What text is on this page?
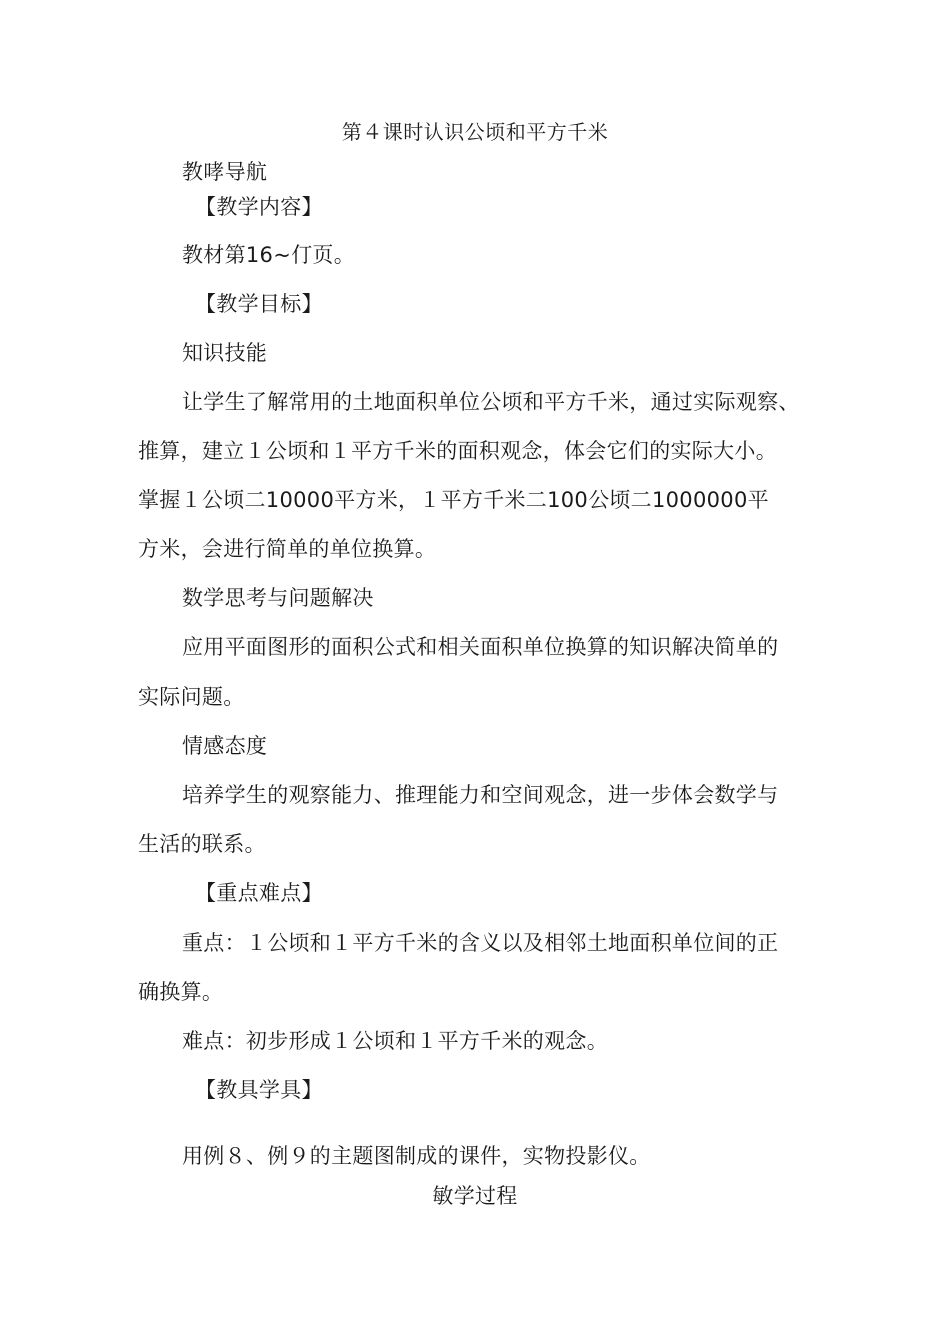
第４课时认识公顷和平方千米
教哮导航
【教学内容】
教材第16~仃页。
【教学目标】
知识技能
让学生了解常用的土地面积单位公顷和平方千米，通过实际观察、
推算，建立１公顷和１平方千米的面积观念，体会它们的实际大小。
掌握１公顷二10000平方米，１平方千米二100公顷二1000000平
方米，会进行简单的单位换算。
数学思考与问题解决
应用平面图形的面积公式和相关面积单位换算的知识解决简单的
实际问题。
情感态度
培养学生的观察能力、推理能力和空间观念，进一步体会数学与
生活的联系。
【重点难点】
重点：１公顷和１平方千米的含义以及相邻土地面积单位间的正
确换算。
难点：初步形成１公顷和１平方千米的观念。
【教具学具】
用例８、例９的主题图制成的课件，实物投影仪。
敏学过程
